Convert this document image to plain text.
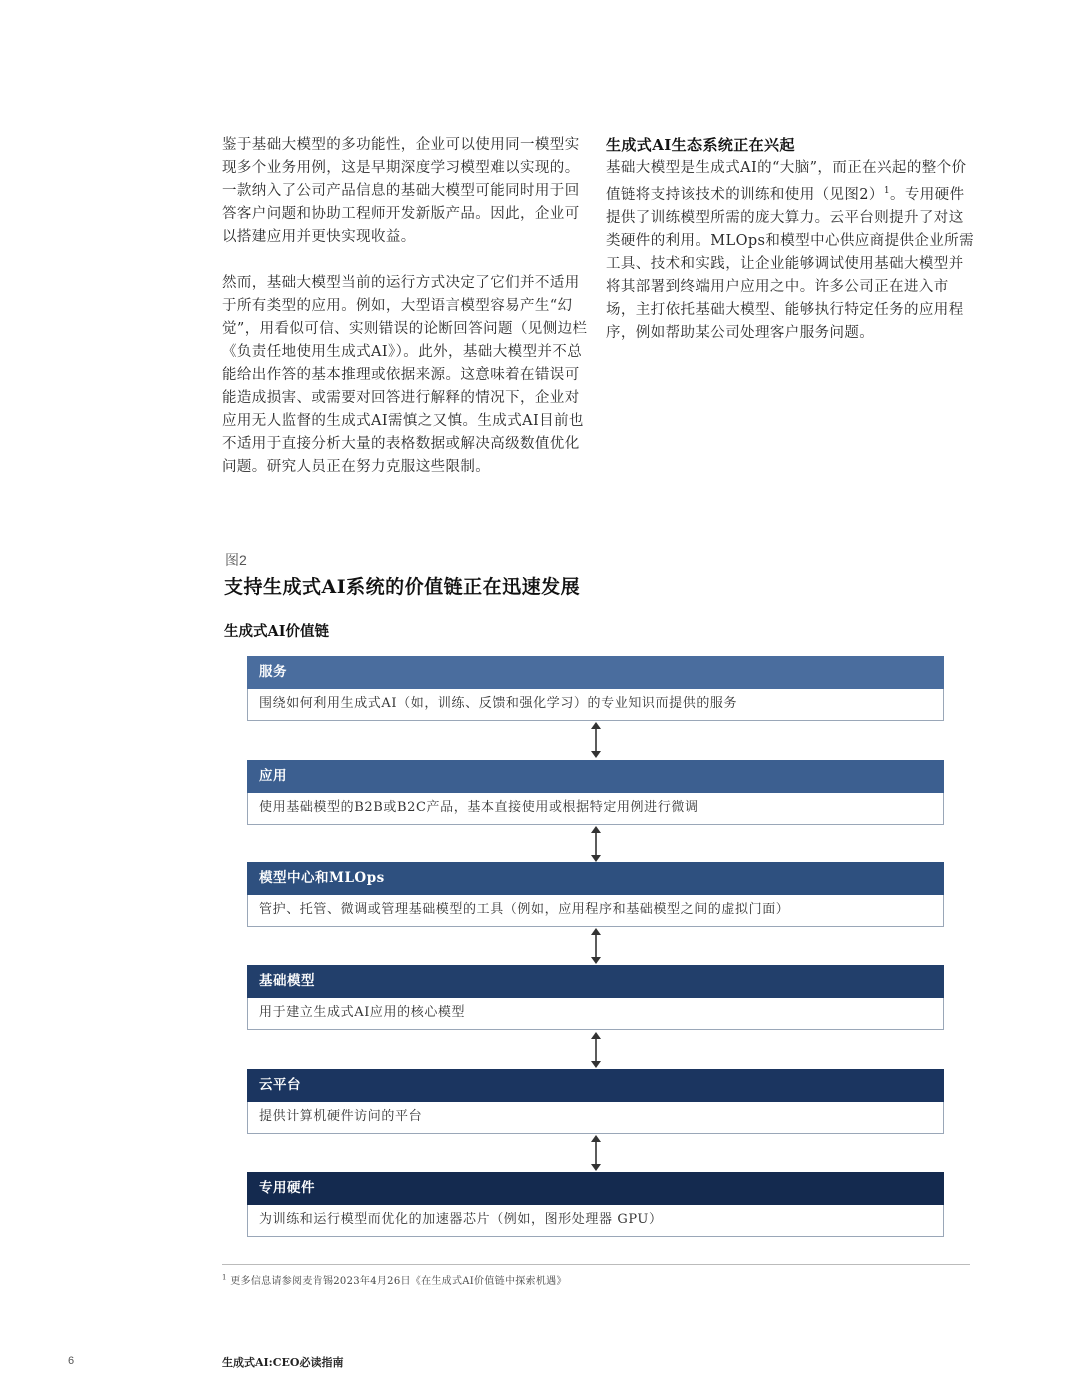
鉴于基础大模型的多功能性，企业可以使用同一模型实现多个业务用例，这是早期深度学习模型难以实现的。一款纳入了公司产品信息的基础大模型可能同时用于回答客户问题和协助工程师开发新版产品。因此，企业可以搭建应用并更快实现收益。

然而，基础大模型当前的运行方式决定了它们并不适用于所有类型的应用。例如，大型语言模型容易产生“幻觉”，用看似可信、实则错误的论断回答问题（见侧边栏《负责任地使用生成式AI》）。此外，基础大模型并不总能给出作答的基本推理或依据来源。这意味着在错误可能造成损害、或需要对回答进行解释的情况下，企业对应用无人监督的生成式AI需慎之又慎。生成式AI目前也不适用于直接分析大量的表格数据或解决高级数值优化问题。研究人员正在努力克服这些限制。

生成式AI生态系统正在兴起

基础大模型是生成式AI的“大脑”，而正在兴起的整个价值链将支持该技术的训练和使用（见图2）$^1$。专用硬件提供了训练模型所需的庞大算力。云平台则提升了对这类硬件的利用。MLOps和模型中心供应商提供企业所需工具、技术和实践，让企业能够调试使用基础大模型并将其部署到终端用户应用之中。许多公司正在进入市场，主打依托基础大模型、能够执行特定任务的应用程序，例如帮助某公司处理客户服务问题。

图2
支持生成式AI系统的价值链正在迅速发展
生成式AI价值链
服务
围绕如何利用生成式AI（如，训练、反馈和强化学习）的专业知识而提供的服务
应用
使用基础模型的B2B或B2C产品，基本直接使用或根据特定用例进行微调
模型中心和MLOps
管护、托管、微调或管理基础模型的工具（例如，应用程序和基础模型之间的虚拟门面）
基础模型
用于建立生成式AI应用的核心模型
云平台
提供计算机硬件访问的平台
专用硬件
为训练和运行模型而优化的加速器芯片（例如，图形处理器 GPU）
$^1$ 更多信息请参阅麦肯锡2023年4月26日《在生成式AI价值链中探索机遇》
6	生成式AI:CEO必读指南
